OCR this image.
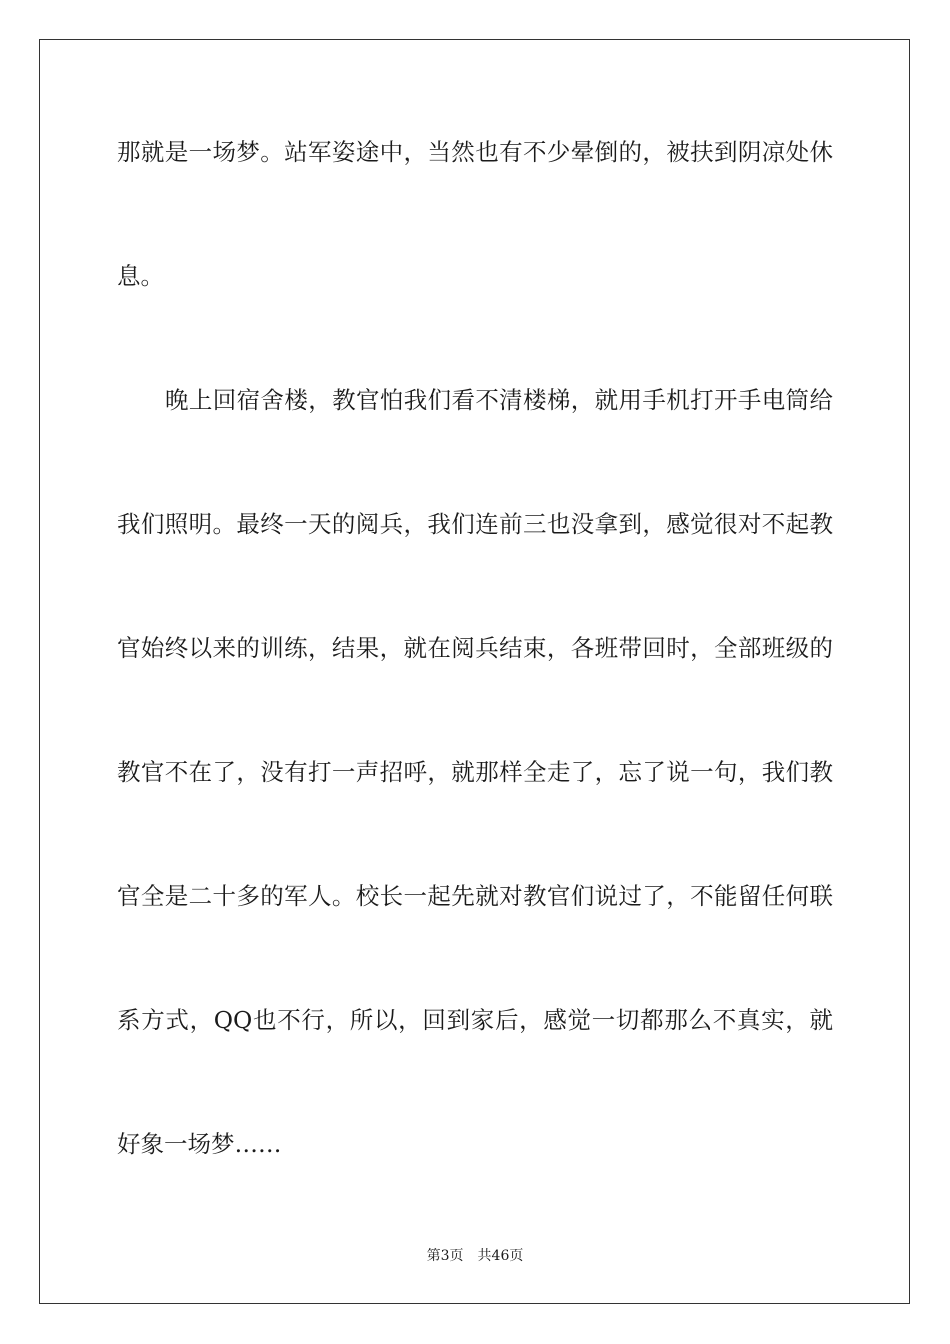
那就是一场梦。站军姿途中，当然也有不少晕倒的，被扶到阴凉处休
息。
晚上回宿舍楼，教官怕我们看不清楼梯，就用手机打开手电筒给
我们照明。最终一天的阅兵，我们连前三也没拿到，感觉很对不起教
官始终以来的训练，结果，就在阅兵结束，各班带回时，全部班级的
教官不在了，没有打一声招呼，就那样全走了，忘了说一句，我们教
官全是二十多的军人。校长一起先就对教官们说过了，不能留任何联
系方式，QQ也不行，所以，回到家后，感觉一切都那么不真实，就
好象一场梦……
第3页　共46页
